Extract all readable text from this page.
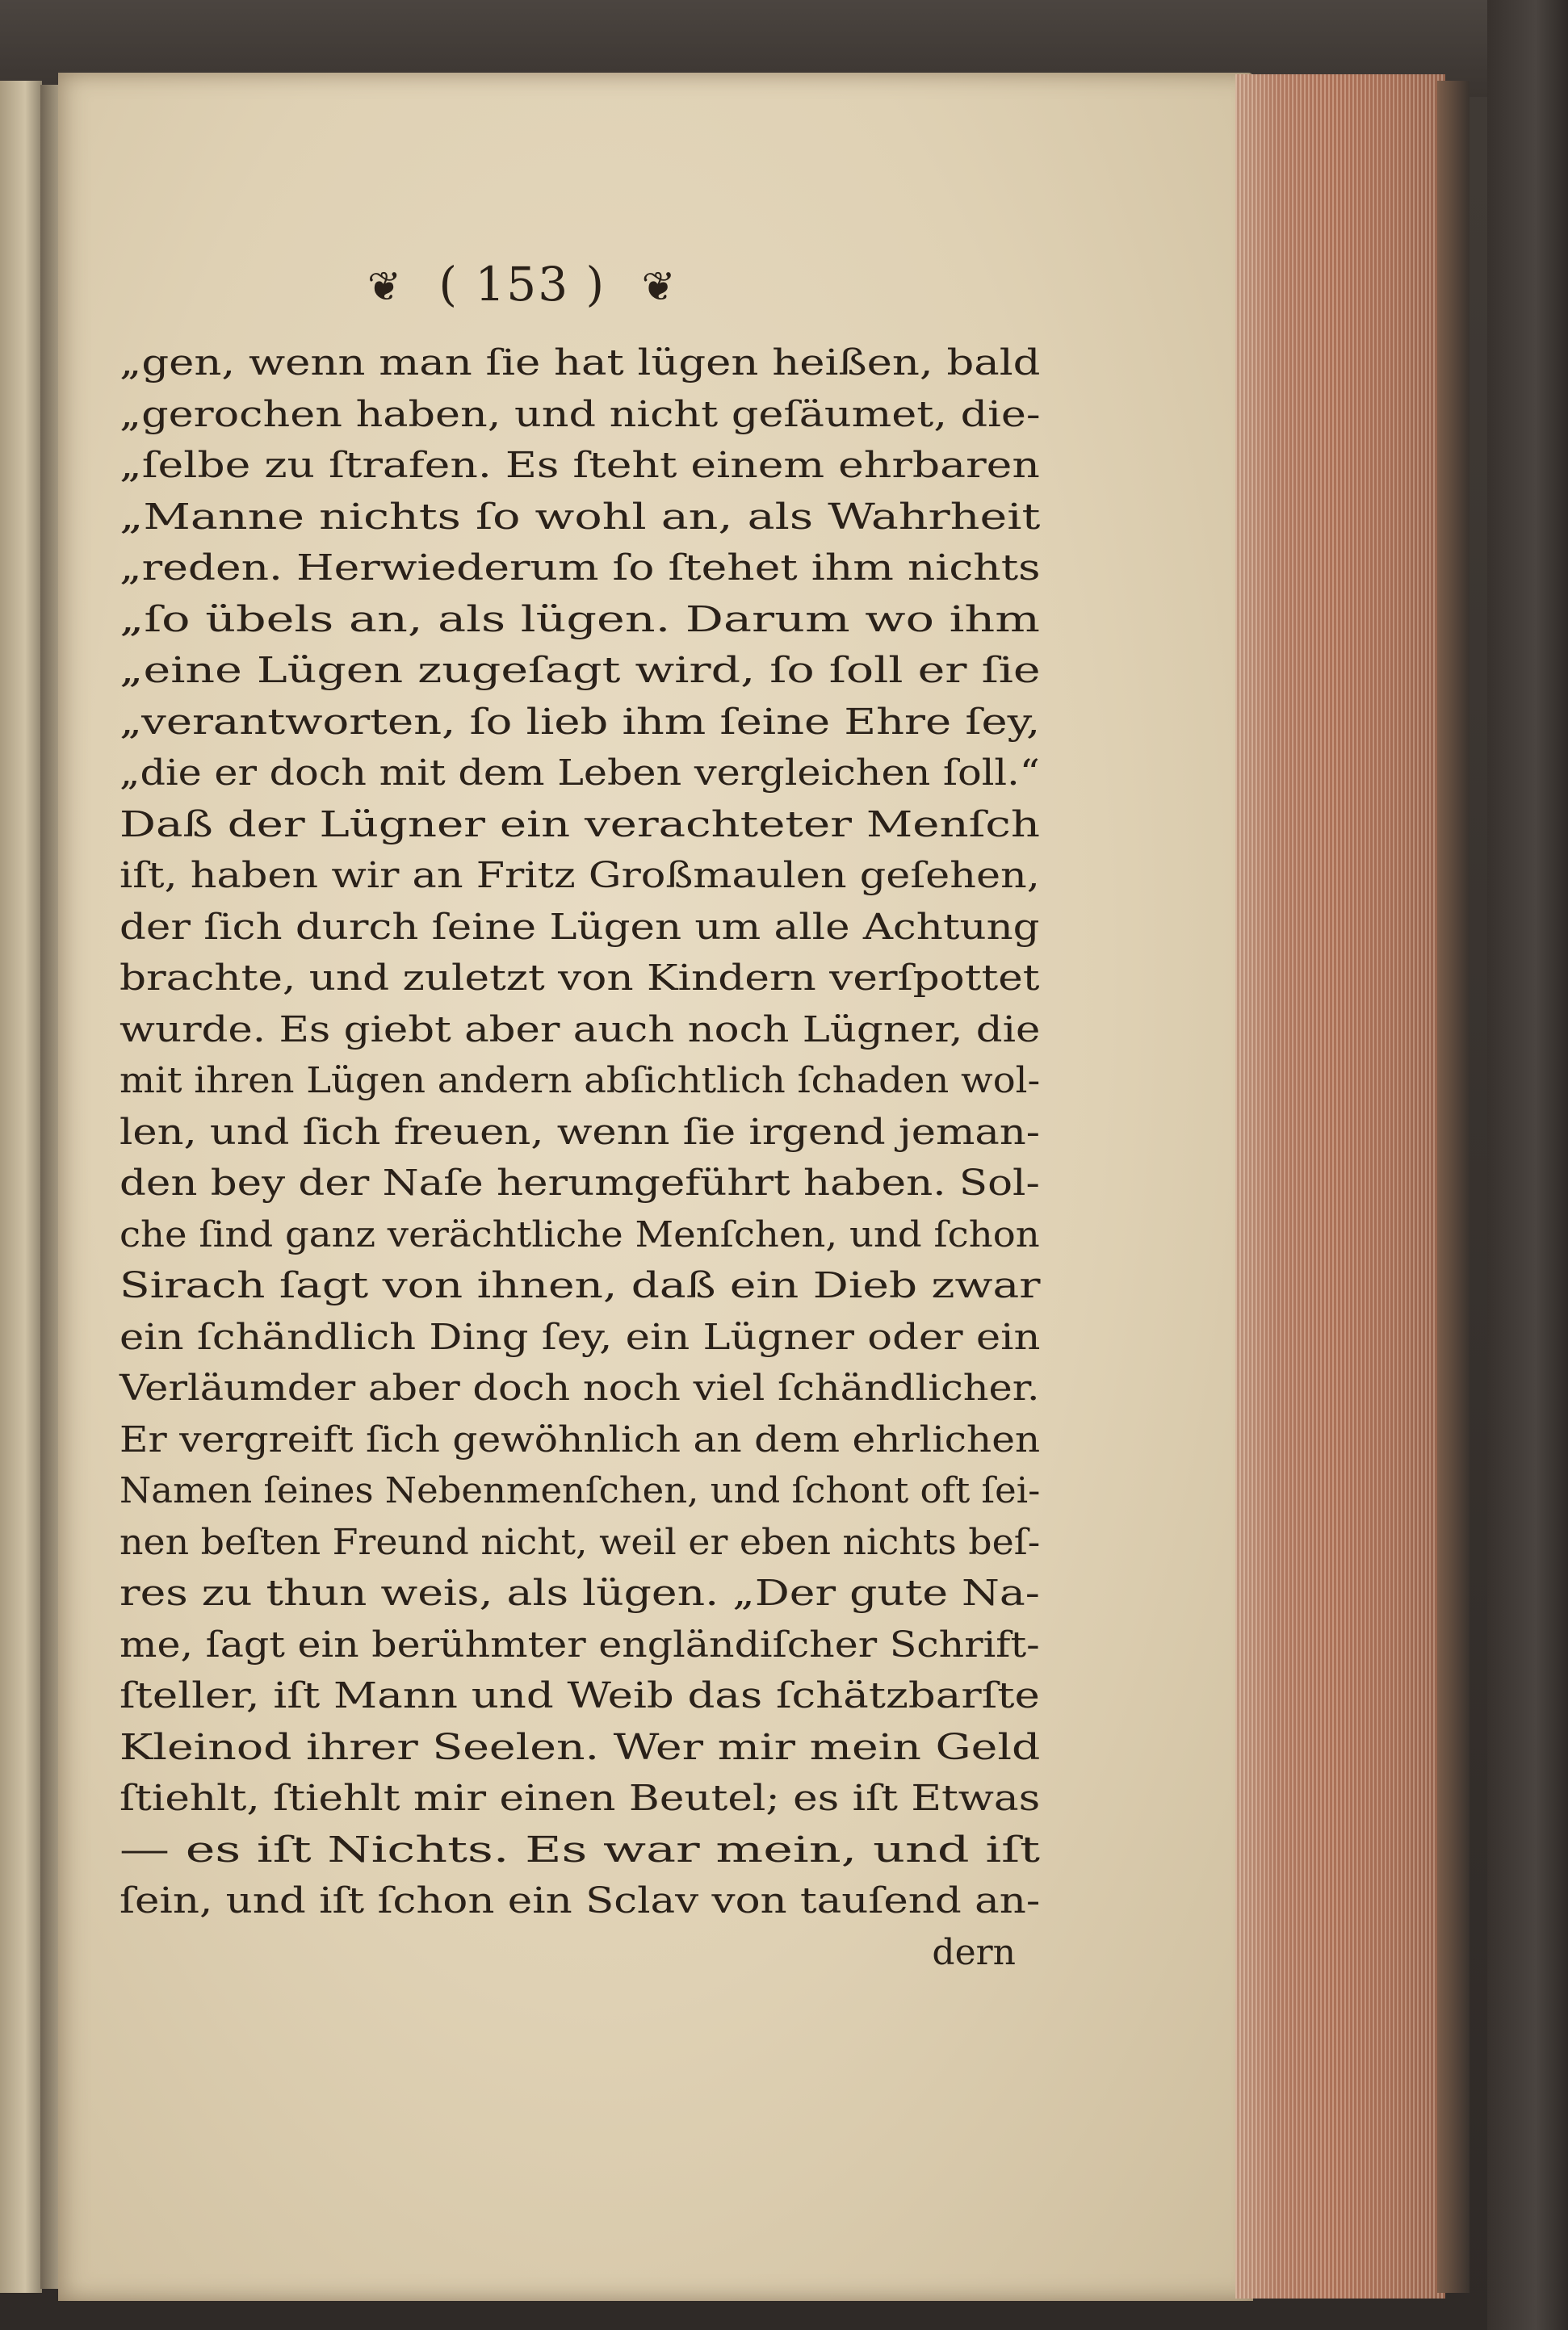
❦ ( 153 ) ❦
„gen, wenn man ſie hat lügen heißen, bald
„gerochen haben, und nicht geſäumet, die-
„ſelbe zu ſtrafen. Es ſteht einem ehrbaren
„Manne nichts ſo wohl an, als Wahrheit
„reden. Herwiederum ſo ſtehet ihm nichts
„ſo übels an, als lügen. Darum wo ihm
„eine Lügen zugeſagt wird, ſo ſoll er ſie
„verantworten, ſo lieb ihm ſeine Ehre ſey,
„die er doch mit dem Leben vergleichen ſoll.“
Daß der Lügner ein verachteter Menſch
iſt, haben wir an Fritz Großmaulen geſehen,
der ſich durch ſeine Lügen um alle Achtung
brachte, und zuletzt von Kindern verſpottet
wurde. Es giebt aber auch noch Lügner, die
mit ihren Lügen andern abſichtlich ſchaden wol-
len, und ſich freuen, wenn ſie irgend jeman-
den bey der Naſe herumgeführt haben. Sol-
che ſind ganz verächtliche Menſchen, und ſchon
Sirach ſagt von ihnen, daß ein Dieb zwar
ein ſchändlich Ding ſey, ein Lügner oder ein
Verläumder aber doch noch viel ſchändlicher.
Er vergreift ſich gewöhnlich an dem ehrlichen
Namen ſeines Nebenmenſchen, und ſchont oft ſei-
nen beſten Freund nicht, weil er eben nichts beſ-
res zu thun weis, als lügen. „Der gute Na-
me, ſagt ein berühmter engländiſcher Schrift-
ſteller, iſt Mann und Weib das ſchätzbarſte
Kleinod ihrer Seelen. Wer mir mein Geld
ſtiehlt, ſtiehlt mir einen Beutel; es iſt Etwas
— es iſt Nichts. Es war mein, und iſt
ſein, und iſt ſchon ein Sclav von tauſend an-
dern
